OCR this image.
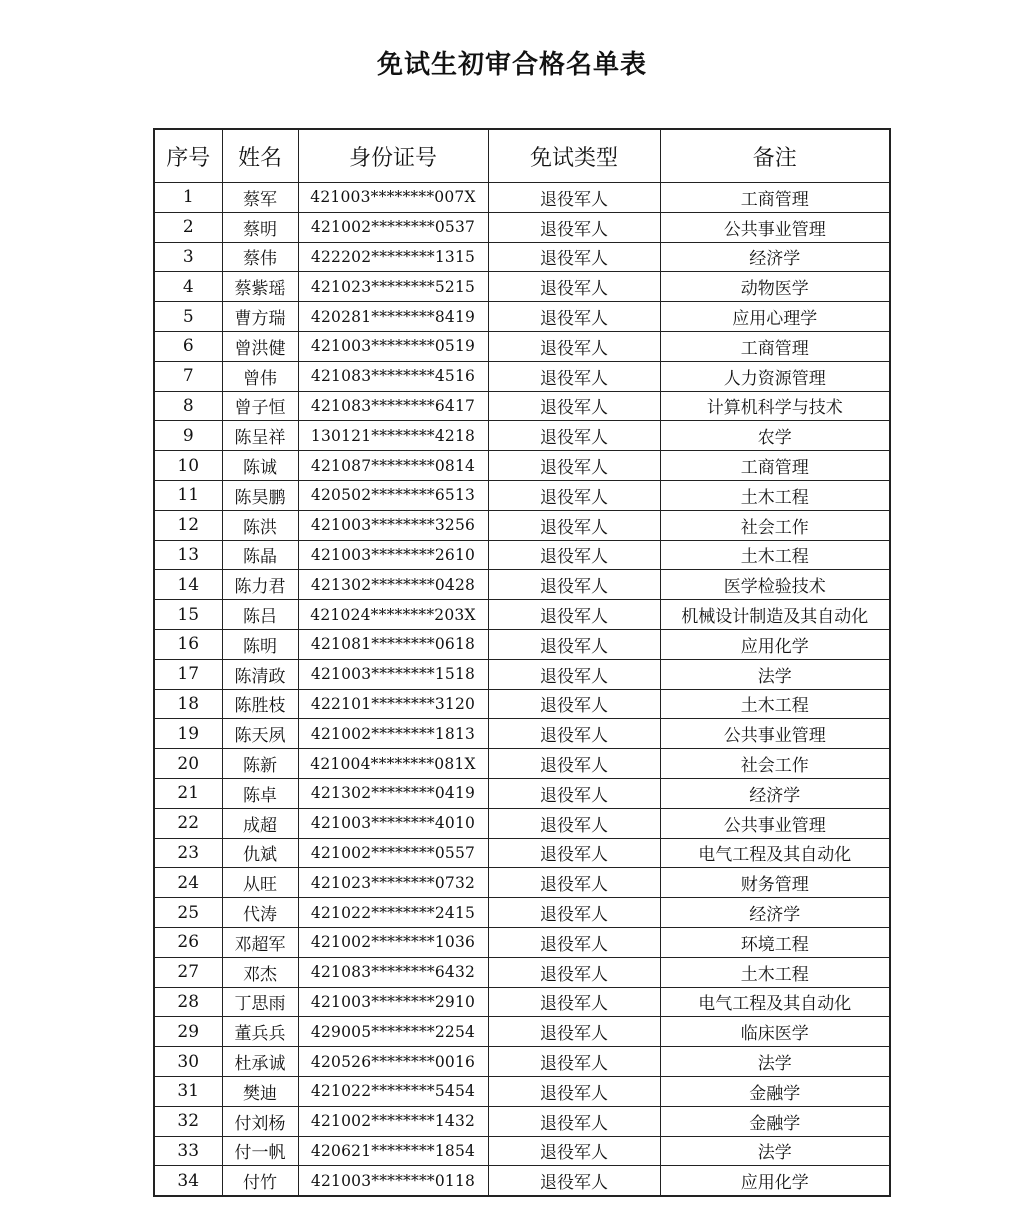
免试生初审合格名单表
序号	姓名	身份证号	免试类型	备注
1	蔡军	421003********007X	退役军人	工商管理
2	蔡明	421002********0537	退役军人	公共事业管理
3	蔡伟	422202********1315	退役军人	经济学
4	蔡紫瑶	421023********5215	退役军人	动物医学
5	曹方瑞	420281********8419	退役军人	应用心理学
6	曾洪健	421003********0519	退役军人	工商管理
7	曾伟	421083********4516	退役军人	人力资源管理
8	曾子恒	421083********6417	退役军人	计算机科学与技术
9	陈呈祥	130121********4218	退役军人	农学
10	陈诚	421087********0814	退役军人	工商管理
11	陈昊鹏	420502********6513	退役军人	土木工程
12	陈洪	421003********3256	退役军人	社会工作
13	陈晶	421003********2610	退役军人	土木工程
14	陈力君	421302********0428	退役军人	医学检验技术
15	陈吕	421024********203X	退役军人	机械设计制造及其自动化
16	陈明	421081********0618	退役军人	应用化学
17	陈清政	421003********1518	退役军人	法学
18	陈胜枝	422101********3120	退役军人	土木工程
19	陈天夙	421002********1813	退役军人	公共事业管理
20	陈新	421004********081X	退役军人	社会工作
21	陈卓	421302********0419	退役军人	经济学
22	成超	421003********4010	退役军人	公共事业管理
23	仇斌	421002********0557	退役军人	电气工程及其自动化
24	从旺	421023********0732	退役军人	财务管理
25	代涛	421022********2415	退役军人	经济学
26	邓超军	421002********1036	退役军人	环境工程
27	邓杰	421083********6432	退役军人	土木工程
28	丁思雨	421003********2910	退役军人	电气工程及其自动化
29	董兵兵	429005********2254	退役军人	临床医学
30	杜承诚	420526********0016	退役军人	法学
31	樊迪	421022********5454	退役军人	金融学
32	付刘杨	421002********1432	退役军人	金融学
33	付一帆	420621********1854	退役军人	法学
34	付竹	421003********0118	退役军人	应用化学
